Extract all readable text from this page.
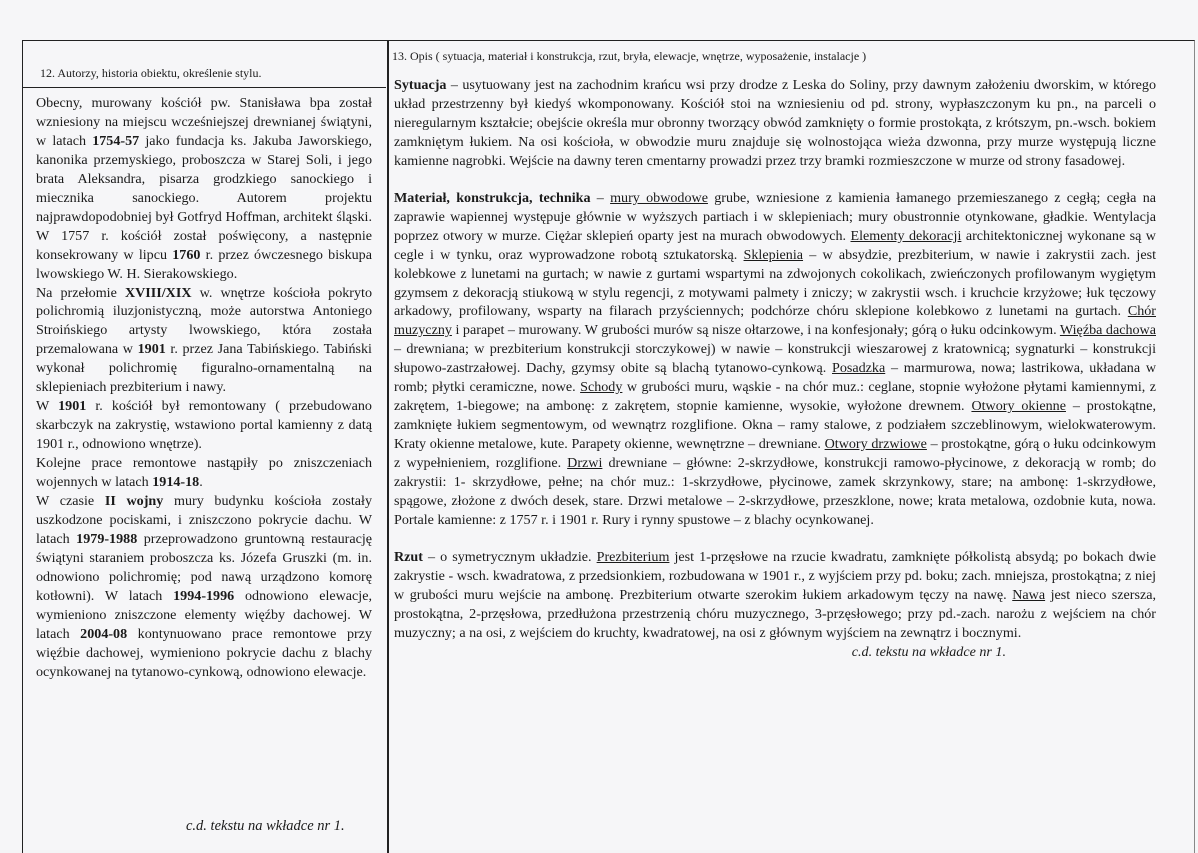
12. Autorzy, historia obiektu, określenie stylu.

Obecny, murowany kościół pw. Stanisława bpa został wzniesiony na miejscu wcześniejszej drewnianej świątyni, w latach 1754-57 jako fundacja ks. Jakuba Jaworskiego, kanonika przemyskiego, proboszcza w Starej Soli, i jego brata Aleksandra, pisarza grodzkiego sanockiego i miecznika sanockiego. Autorem projektu najprawdopodobniej był Gotfryd Hoffman, architekt śląski. W 1757 r. kościół został poświęcony, a następnie konsekrowany w lipcu 1760 r. przez ówczesnego biskupa lwowskiego W. H. Sierakowskiego.

Na przełomie XVIII/XIX w. wnętrze kościoła pokryto polichromią iluzjonistyczną, może autorstwa Antoniego Stroińskiego artysty lwowskiego, która została przemalowana w 1901 r. przez Jana Tabińskiego. Tabiński wykonał polichromię figuralno-ornamentalną na sklepieniach prezbiterium i nawy.

W 1901 r. kościół był remontowany ( przebudowano skarbczyk na zakrystię, wstawiono portal kamienny z datą 1901 r., odnowiono wnętrze).

Kolejne prace remontowe nastąpiły po zniszczeniach wojennych w latach 1914-18.

W czasie II wojny mury budynku kościoła zostały uszkodzone pociskami, i zniszczono pokrycie dachu. W latach 1979-1988 przeprowadzono gruntowną restaurację świątyni staraniem proboszcza ks. Józefa Gruszki (m. in. odnowiono polichromię; pod nawą urządzono komorę kotłowni). W latach 1994-1996 odnowiono elewacje, wymieniono zniszczone elementy więźby dachowej. W latach 2004-08 kontynuowano prace remontowe przy więźbie dachowej, wymieniono pokrycie dachu z blachy ocynkowanej na tytanowo-cynkową, odnowiono elewacje.

c.d. tekstu na wkładce nr 1.
13. Opis ( sytuacja, materiał i konstrukcja, rzut, bryła, elewacje, wnętrze, wyposażenie, instalacje )

Sytuacja – usytuowany jest na zachodnim krańcu wsi przy drodze z Leska do Soliny, przy dawnym założeniu dworskim, w którego układ przestrzenny był kiedyś wkomponowany. Kościół stoi na wzniesieniu od pd. strony, wypłaszczonym ku pn., na parceli o nieregularnym kształcie; obejście określa mur obronny tworzący obwód zamknięty o formie prostokąta, z krótszym, pn.-wsch. bokiem zamkniętym łukiem. Na osi kościoła, w obwodzie muru znajduje się wolnostojąca wieża dzwonna, przy murze występują liczne kamienne nagrobki. Wejście na dawny teren cmentarny prowadzi przez trzy bramki rozmieszczone w murze od strony fasadowej.

Materiał, konstrukcja, technika – mury obwodowe grube, wzniesione z kamienia łamanego przemieszanego z cegłą; cegła na zaprawie wapiennej występuje głównie w wyższych partiach i w sklepieniach; mury obustronnie otynkowane, gładkie. Wentylacja poprzez otwory w murze. Ciężar sklepień oparty jest na murach obwodowych. Elementy dekoracji architektonicznej wykonane są w cegle i w tynku, oraz wyprowadzone robotą sztukatorską. Sklepienia – w absydzie, prezbiterium, w nawie i zakrystii zach. jest kolebkowe z lunetami na gurtach; w nawie z gurtami wspartymi na zdwojonych cokolikach, zwieńczonych profilowanym wygiętym gzymsem z dekoracją stiukową w stylu regencji, z motywami palmety i zniczy; w zakrystii wsch. i kruchcie krzyżowe; łuk tęczowy arkadowy, profilowany, wsparty na filarach przyściennych; podchórze chóru sklepione kolebkowo z lunetami na gurtach. Chór muzyczny i parapet – murowany. W grubości murów są nisze ołtarzowe, i na konfesjonały; górą o łuku odcinkowym. Więźba dachowa – drewniana; w prezbiterium konstrukcji storczykowej) w nawie – konstrukcji wieszarowej z kratownicą; sygnaturki – konstrukcji słupowo-zastrzałowej. Dachy, gzymsy obite są blachą tytanowo-cynkową. Posadzka – marmurowa, nowa; lastrikowa, układana w romb; płytki ceramiczne, nowe. Schody w grubości muru, wąskie - na chór muz.: ceglane, stopnie wyłożone płytami kamiennymi, z zakrętem, 1-biegowe; na ambonę: z zakrętem, stopnie kamienne, wysokie, wyłożone drewnem. Otwory okienne – prostokątne, zamknięte łukiem segmentowym, od wewnątrz rozglifione. Okna – ramy stalowe, z podziałem szczeblinowym, wielokwaterowym. Kraty okienne metalowe, kute. Parapety okienne, wewnętrzne – drewniane. Otwory drzwiowe – prostokątne, górą o łuku odcinkowym z wypełnieniem, rozglifione. Drzwi drewniane – główne: 2-skrzydłowe, konstrukcji ramowo-płycinowe, z dekoracją w romb; do zakrystii: 1- skrzydłowe, pełne; na chór muz.: 1-skrzydłowe, płycinowe, zamek skrzynkowy, stare; na ambonę: 1-skrzydłowe, spągowe, złożone z dwóch desek, stare. Drzwi metalowe – 2-skrzydłowe, przeszklone, nowe; krata metalowa, ozdobnie kuta, nowa. Portale kamienne: z 1757 r. i 1901 r. Rury i rynny spustowe – z blachy ocynkowanej.

Rzut – o symetrycznym układzie. Prezbiterium jest 1-przęsłowe na rzucie kwadratu, zamknięte półkolistą absydą; po bokach dwie zakrystie - wsch. kwadratowa, z przedsionkiem, rozbudowana w 1901 r., z wyjściem przy pd. boku; zach. mniejsza, prostokątna; z niej w grubości muru wejście na ambonę. Prezbiterium otwarte szerokim łukiem arkadowym tęczy na nawę. Nawa jest nieco szersza, prostokątna, 2-przęsłowa, przedłużona przestrzenią chóru muzycznego, 3-przęsłowego; przy pd.-zach. narożu z wejściem na chór muzyczny; a na osi, z wejściem do kruchty, kwadratowej, na osi z głównym wyjściem na zewnątrz i bocznymi.

c.d. tekstu na wkładce nr 1.
